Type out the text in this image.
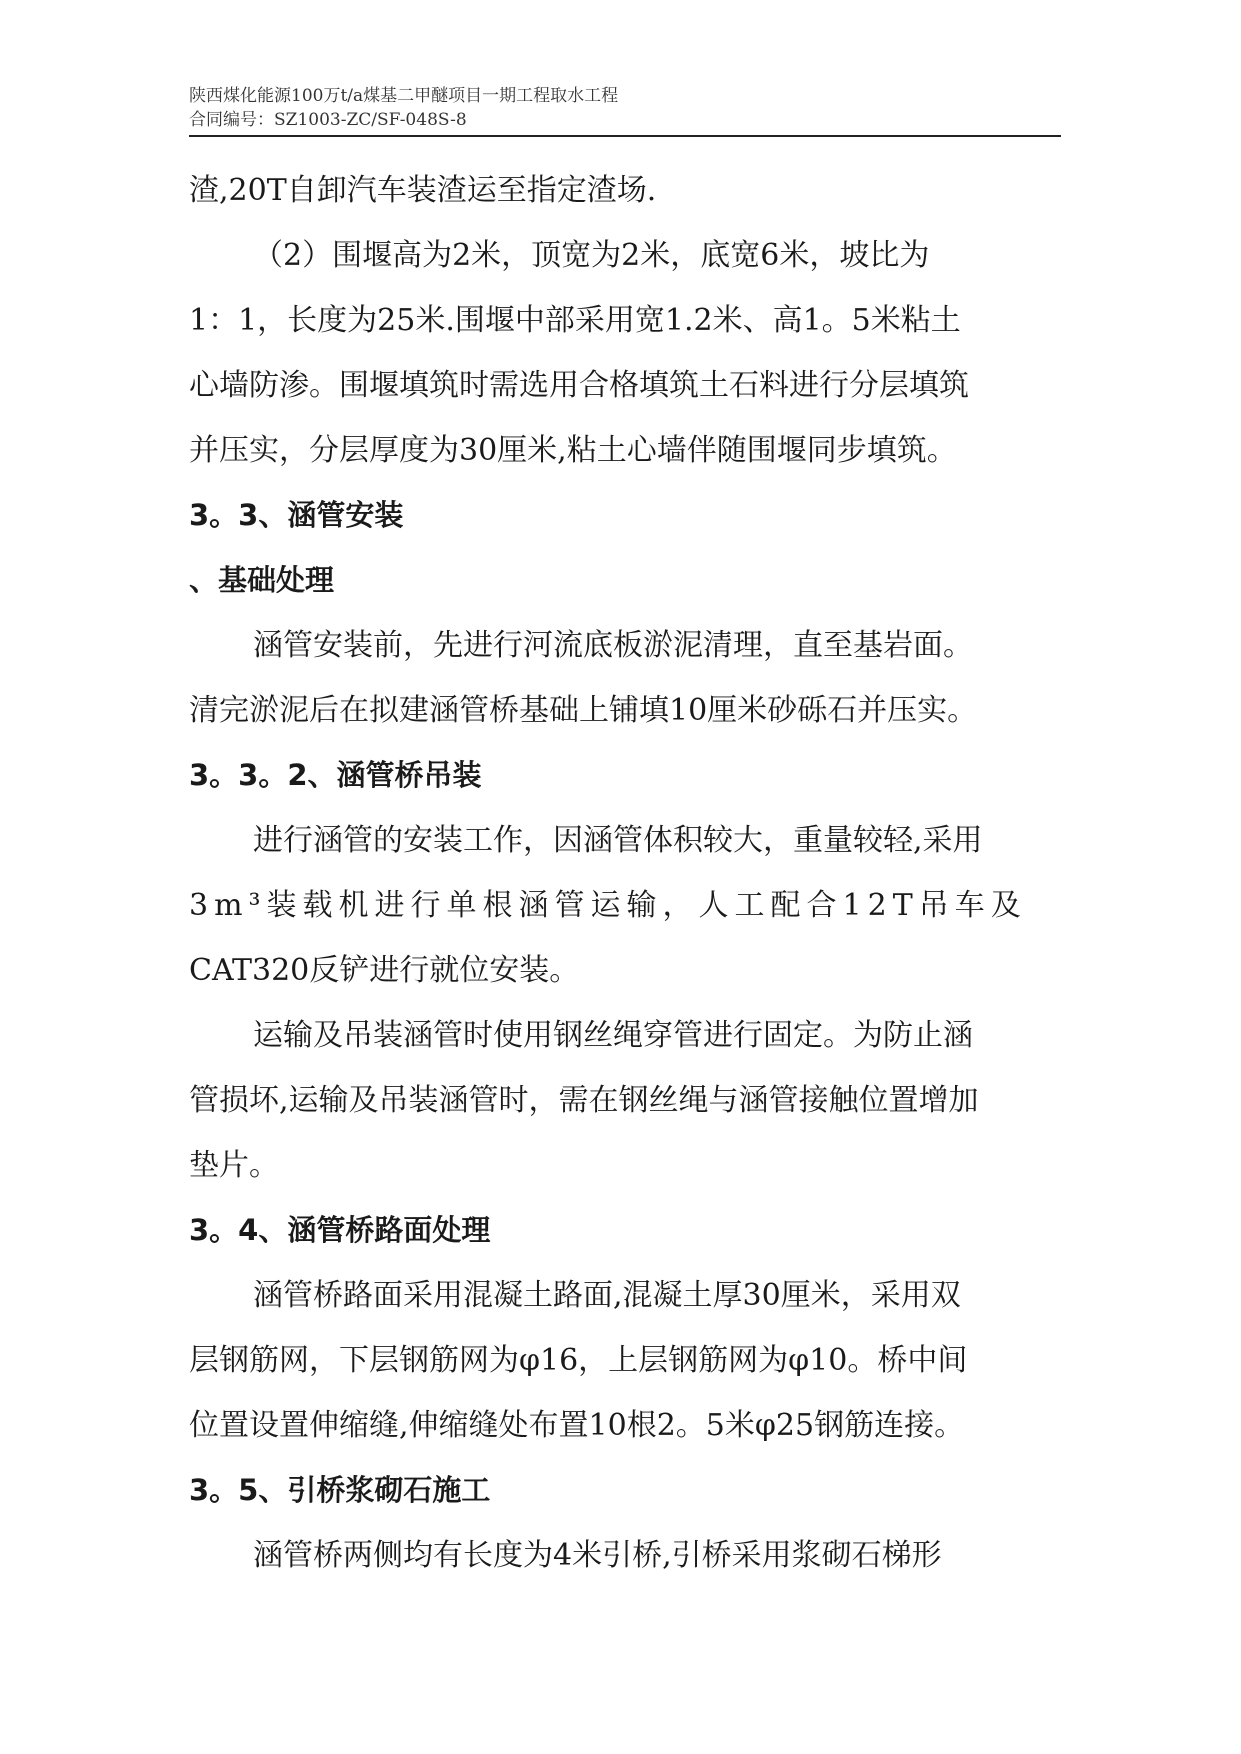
陕西煤化能源100万t/a煤基二甲醚项目一期工程取水工程
合同编号：SZ1003-ZC/SF-048S-8

渣,20T自卸汽车装渣运至指定渣场.

（2）围堰高为2米，顶宽为2米，底宽6米，坡比为

1：1，长度为25米.围堰中部采用宽1.2米、高1。5米粘土

心墙防渗。围堰填筑时需选用合格填筑土石料进行分层填筑

并压实，分层厚度为30厘米,粘土心墙伴随围堰同步填筑。

3。3、涵管安装
、基础处理

涵管安装前，先进行河流底板淤泥清理，直至基岩面。

清完淤泥后在拟建涵管桥基础上铺填10厘米砂砾石并压实。

3。3。2、涵管桥吊装

进行涵管的安装工作，因涵管体积较大，重量较轻,采用

3m³装载机进行单根涵管运输，人工配合12T吊车及

CAT320反铲进行就位安装。

运输及吊装涵管时使用钢丝绳穿管进行固定。为防止涵

管损坏,运输及吊装涵管时，需在钢丝绳与涵管接触位置增加

垫片。

3。4、涵管桥路面处理

涵管桥路面采用混凝土路面,混凝土厚30厘米，采用双

层钢筋网，下层钢筋网为φ16，上层钢筋网为φ10。桥中间

位置设置伸缩缝,伸缩缝处布置10根2。5米φ25钢筋连接。

3。5、引桥浆砌石施工

涵管桥两侧均有长度为4米引桥,引桥采用浆砌石梯形
